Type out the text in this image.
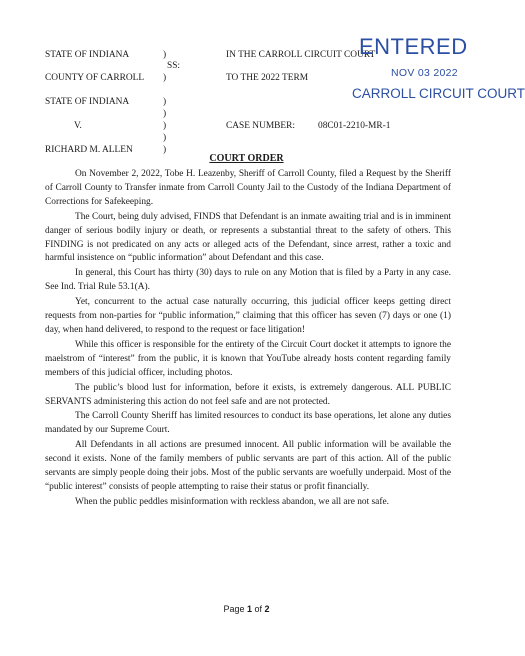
STATE OF INDIANA
SS:
COUNTY OF CARROLL
STATE OF INDIANA
V.
RICHARD M. ALLEN
)
)
)
)
)
)
)
IN THE CARROLL CIRCUIT COURT
TO THE 2022 TERM
CASE NUMBER: 08C01-2210-MR-1
ENTERED
NOV 03 2022
CARROLL CIRCUIT COURT
COURT ORDER

On November 2, 2022, Tobe H. Leazenby, Sheriff of Carroll County, filed a Request by the Sheriff of Carroll County to Transfer inmate from Carroll County Jail to the Custody of the Indiana Department of Corrections for Safekeeping.

The Court, being duly advised, FINDS that Defendant is an inmate awaiting trial and is in imminent danger of serious bodily injury or death, or represents a substantial threat to the safety of others. This FINDING is not predicated on any acts or alleged acts of the Defendant, since arrest, rather a toxic and harmful insistence on “public information” about Defendant and this case.

In general, this Court has thirty (30) days to rule on any Motion that is filed by a Party in any case. See Ind. Trial Rule 53.1(A).

Yet, concurrent to the actual case naturally occurring, this judicial officer keeps getting direct requests from non-parties for “public information,” claiming that this officer has seven (7) days or one (1) day, when hand delivered, to respond to the request or face litigation!

While this officer is responsible for the entirety of the Circuit Court docket it attempts to ignore the maelstrom of “interest” from the public, it is known that YouTube already hosts content regarding family members of this judicial officer, including photos.

The public’s blood lust for information, before it exists, is extremely dangerous. ALL PUBLIC SERVANTS administering this action do not feel safe and are not protected.

The Carroll County Sheriff has limited resources to conduct its base operations, let alone any duties mandated by our Supreme Court.

All Defendants in all actions are presumed innocent. All public information will be available the second it exists. None of the family members of public servants are part of this action. All of the public servants are simply people doing their jobs. Most of the public servants are woefully underpaid. Most of the “public interest” consists of people attempting to raise their status or profit financially.

When the public peddles misinformation with reckless abandon, we all are not safe.

Page 1 of 2
